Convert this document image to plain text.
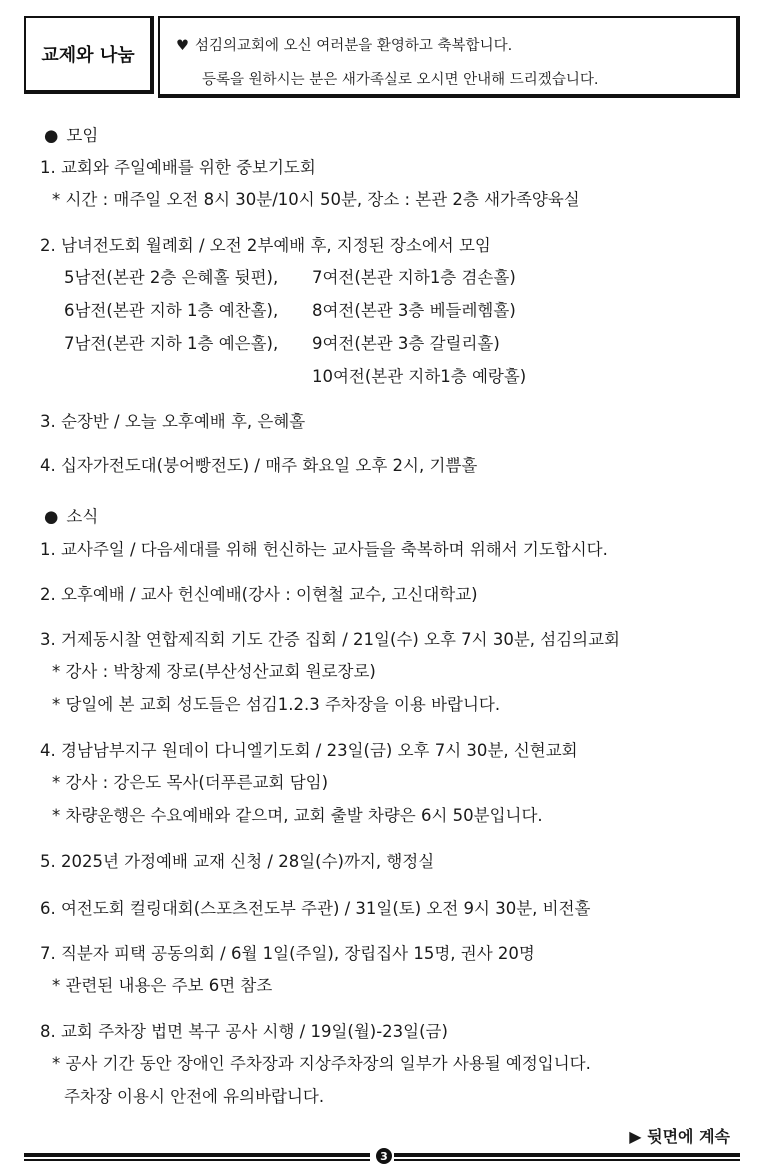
교제와 나눔	♥ 섬김의교회에 오신 여러분을 환영하고 축복합니다.
등록을 원하시는 분은 새가족실로 오시면 안내해 드리겠습니다.
● 모임
1. 교회와 주일예배를 위한 중보기도회
* 시간 : 매주일 오전 8시 30분/10시 50분, 장소 : 본관 2층 새가족양육실
2. 남녀전도회 월례회 / 오전 2부예배 후, 지정된 장소에서 모임
5남전(본관 2층 은혜홀 뒷편), 7여전(본관 지하1층 겸손홀)
6남전(본관 지하 1층 예찬홀), 8여전(본관 3층 베들레헴홀)
7남전(본관 지하 1층 예은홀), 9여전(본관 3층 갈릴리홀)
10여전(본관 지하1층 예랑홀)
3. 순장반 / 오늘 오후예배 후, 은혜홀
4. 십자가전도대(붕어빵전도) / 매주 화요일 오후 2시, 기쁨홀
● 소식
1. 교사주일 / 다음세대를 위해 헌신하는 교사들을 축복하며 위해서 기도합시다.
2. 오후예배 / 교사 헌신예배(강사 : 이현철 교수, 고신대학교)
3. 거제동시찰 연합제직회 기도 간증 집회 / 21일(수) 오후 7시 30분, 섬김의교회
* 강사 : 박창제 장로(부산성산교회 원로장로)
* 당일에 본 교회 성도들은 섬김1.2.3 주차장을 이용 바랍니다.
4. 경남남부지구 원데이 다니엘기도회 / 23일(금) 오후 7시 30분, 신현교회
* 강사 : 강은도 목사(더푸른교회 담임)
* 차량운행은 수요예배와 같으며, 교회 출발 차량은 6시 50분입니다.
5. 2025년 가정예배 교재 신청 / 28일(수)까지, 행정실
6. 여전도회 컬링대회(스포츠전도부 주관) / 31일(토) 오전 9시 30분, 비전홀
7. 직분자 피택 공동의회 / 6월 1일(주일), 장립집사 15명, 권사 20명
* 관련된 내용은 주보 6면 참조
8. 교회 주차장 법면 복구 공사 시행 / 19일(월)-23일(금)
* 공사 기간 동안 장애인 주차장과 지상주차장의 일부가 사용될 예정입니다.
주차장 이용시 안전에 유의바랍니다.
▶ 뒷면에 계속
3
